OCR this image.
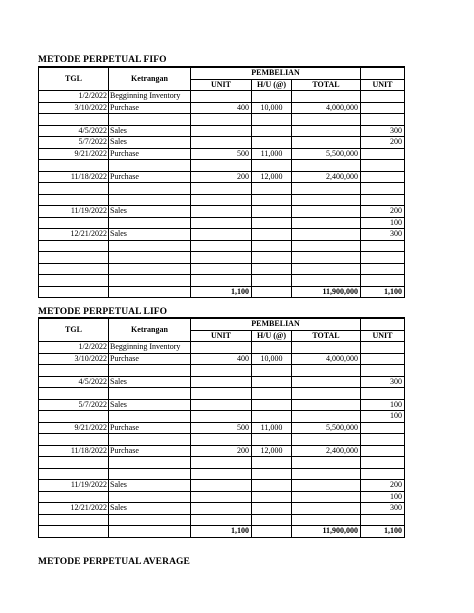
METODE PERPETUAL FIFO
TGL	Ketrangan	PEMBELIAN			
		UNIT	H/U (@)	TOTAL	UNIT
1/2/2022	Begginning Inventory				
3/10/2022	Purchase	400	10,000	4,000,000	

4/5/2022	Sales				300
5/7/2022	Sales				200
9/21/2022	Purchase	500	11,000	5,500,000	

11/18/2022	Purchase	200	12,000	2,400,000	

11/19/2022	Sales				200
					100
12/21/2022	Sales				300

		1,100		11,900,000	1,100
METODE PERPETUAL LIFO
TGL	Ketrangan	PEMBELIAN			
		UNIT	H/U (@)	TOTAL	UNIT
1/2/2022	Begginning Inventory				
3/10/2022	Purchase	400	10,000	4,000,000	

4/5/2022	Sales				300

5/7/2022	Sales				100
					100
9/21/2022	Purchase	500	11,000	5,500,000	

11/18/2022	Purchase	200	12,000	2,400,000	

11/19/2022	Sales				200
					100
12/21/2022	Sales				300

		1,100		11,900,000	1,100
METODE PERPETUAL AVERAGE
